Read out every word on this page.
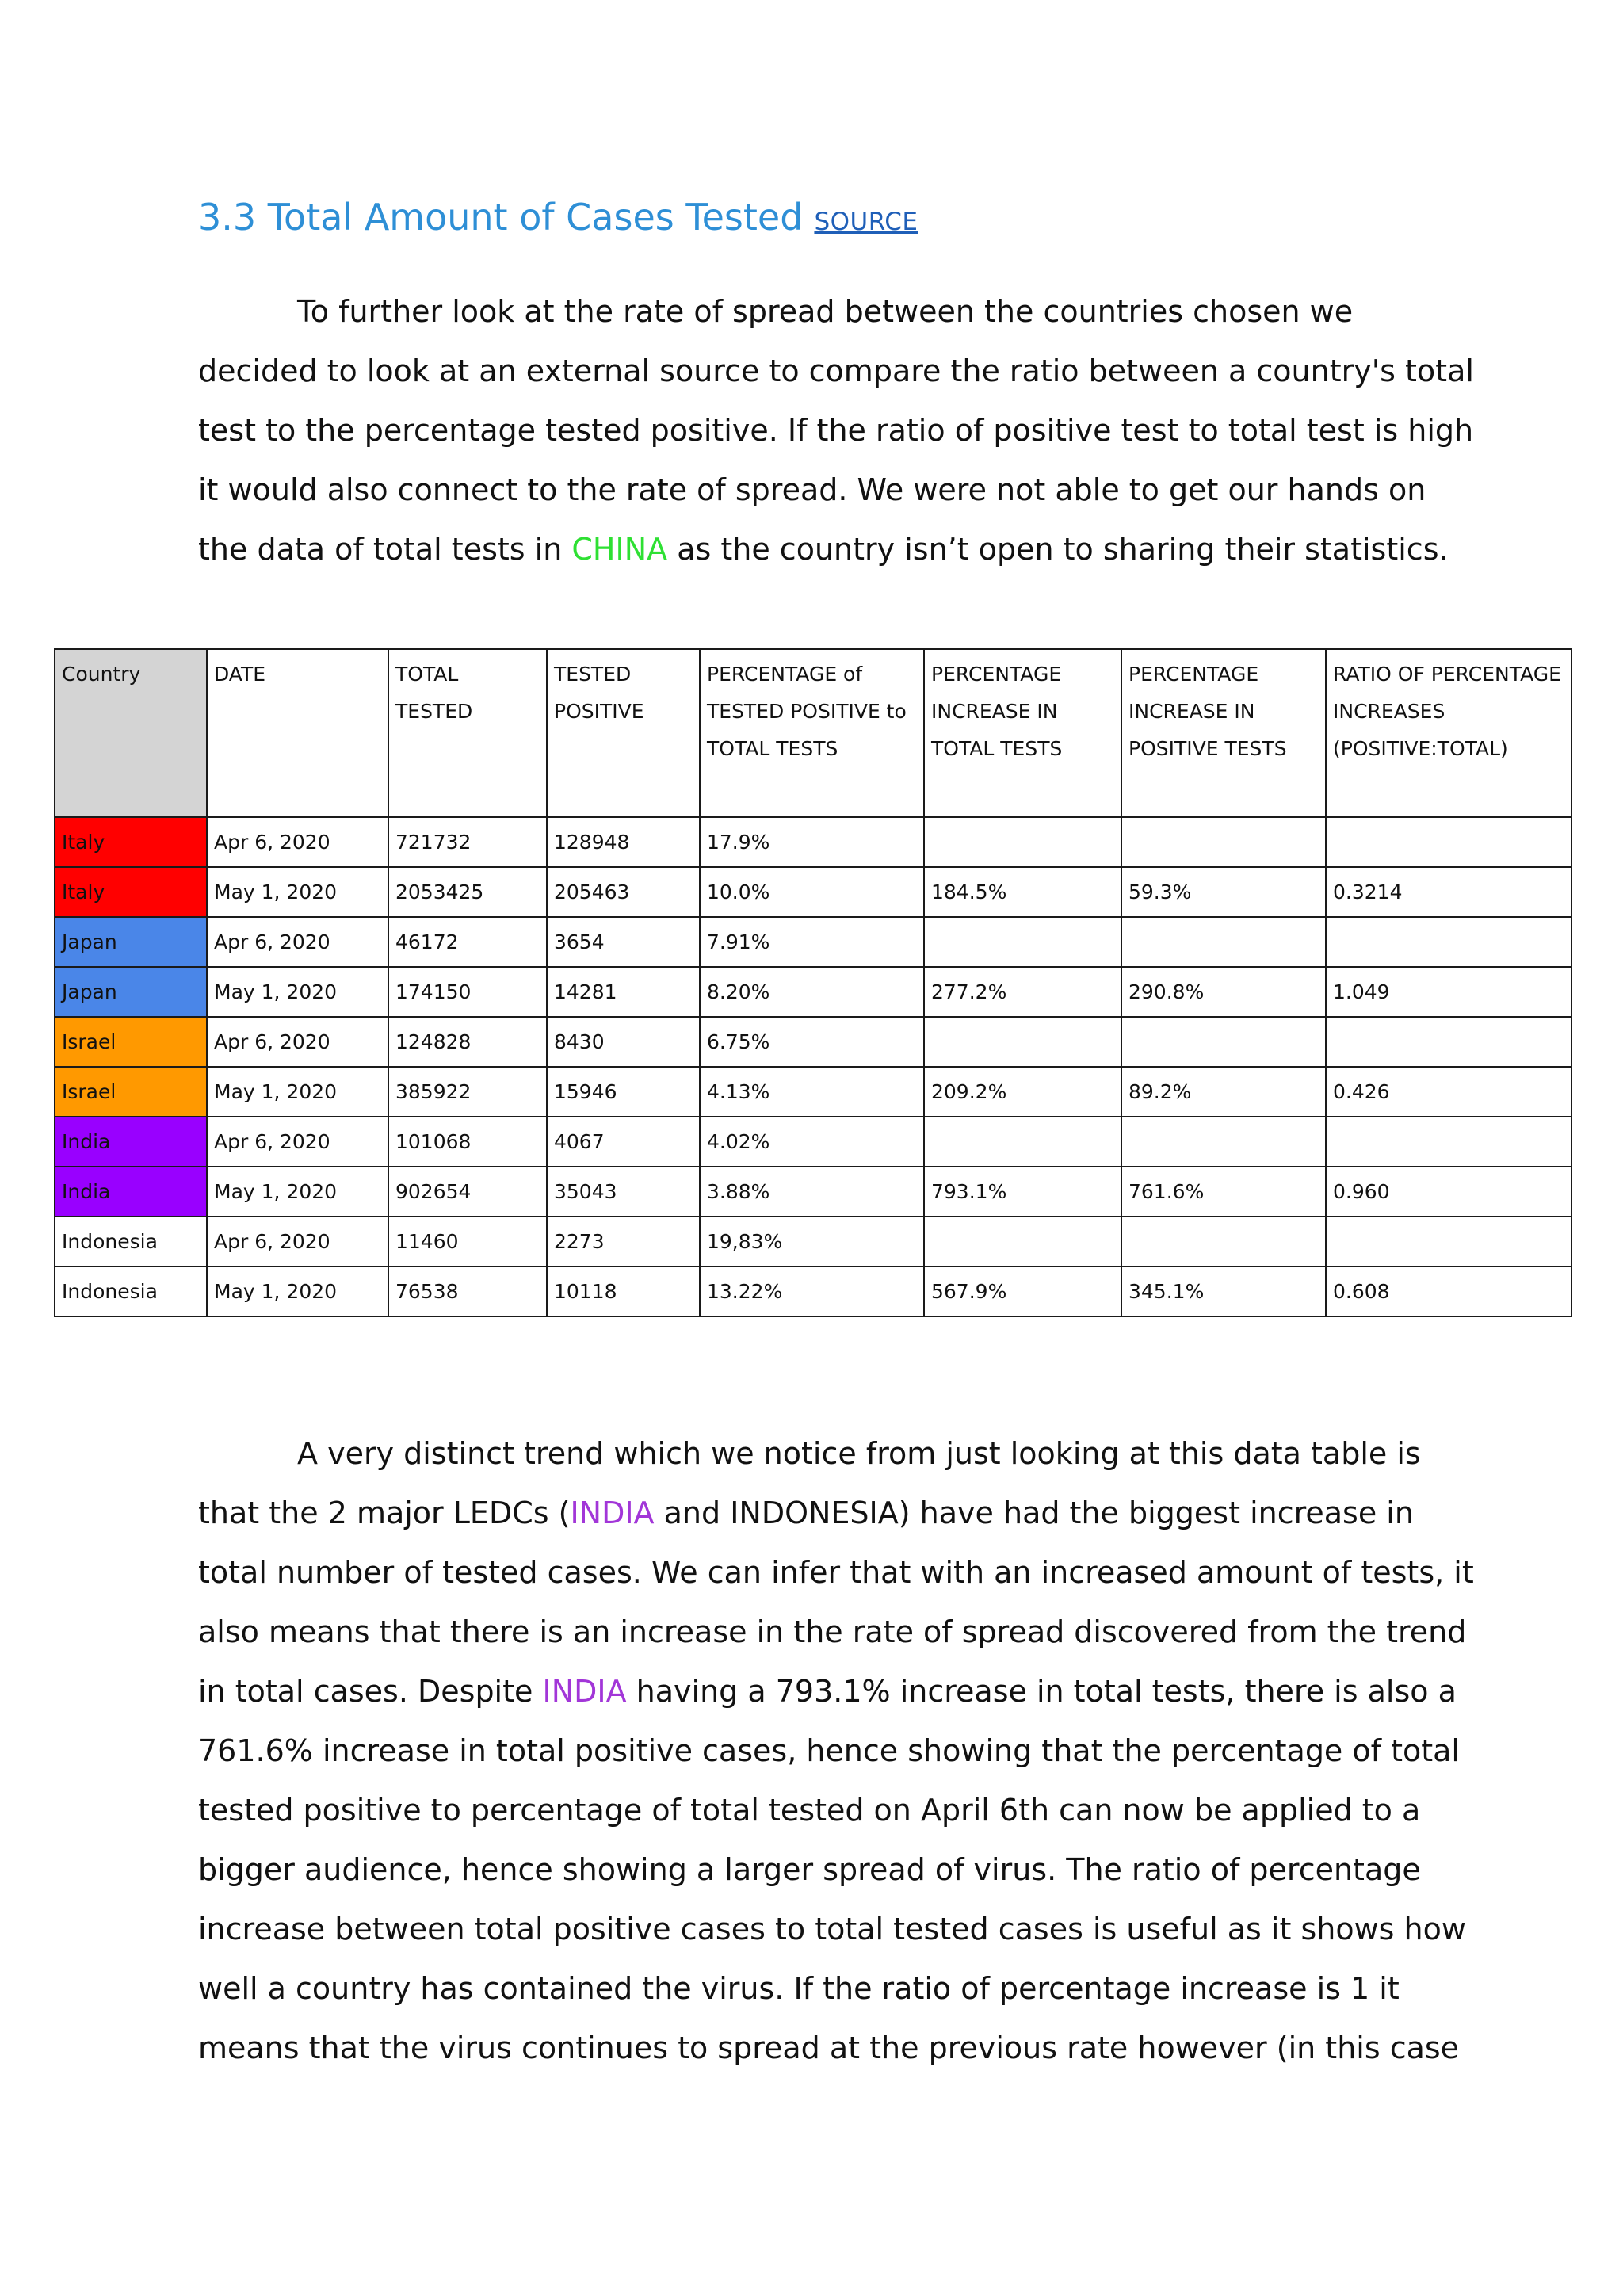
3.3 Total Amount of Cases Tested SOURCE
To further look at the rate of spread between the countries chosen we
decided to look at an external source to compare the ratio between a country's total
test to the percentage tested positive. If the ratio of positive test to total test is high
it would also connect to the rate of spread. We were not able to get our hands on
the data of total tests in CHINA as the country isn’t open to sharing their statistics.
Country	DATE	TOTAL TESTED	TESTED POSITIVE	PERCENTAGE of TESTED POSITIVE to TOTAL TESTS	PERCENTAGE INCREASE IN TOTAL TESTS	PERCENTAGE INCREASE IN POSITIVE TESTS	RATIO OF PERCENTAGE INCREASES (POSITIVE:TOTAL)
Italy	Apr 6, 2020	721732	128948	17.9%			
Italy	May 1, 2020	2053425	205463	10.0%	184.5%	59.3%	0.3214
Japan	Apr 6, 2020	46172	3654	7.91%			
Japan	May 1, 2020	174150	14281	8.20%	277.2%	290.8%	1.049
Israel	Apr 6, 2020	124828	8430	6.75%			
Israel	May 1, 2020	385922	15946	4.13%	209.2%	89.2%	0.426
India	Apr 6, 2020	101068	4067	4.02%			
India	May 1, 2020	902654	35043	3.88%	793.1%	761.6%	0.960
Indonesia	Apr 6, 2020	11460	2273	19,83%			
Indonesia	May 1, 2020	76538	10118	13.22%	567.9%	345.1%	0.608
A very distinct trend which we notice from just looking at this data table is
that the 2 major LEDCs (INDIA and INDONESIA) have had the biggest increase in
total number of tested cases. We can infer that with an increased amount of tests, it
also means that there is an increase in the rate of spread discovered from the trend
in total cases. Despite INDIA having a 793.1% increase in total tests, there is also a
761.6% increase in total positive cases, hence showing that the percentage of total
tested positive to percentage of total tested on April 6th can now be applied to a
bigger audience, hence showing a larger spread of virus. The ratio of percentage
increase between total positive cases to total tested cases is useful as it shows how
well a country has contained the virus. If the ratio of percentage increase is 1 it
means that the virus continues to spread at the previous rate however (in this case
